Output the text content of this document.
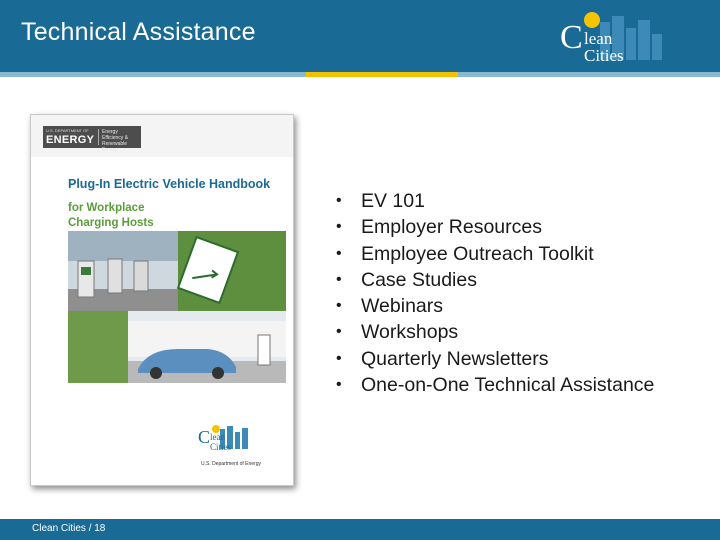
Technical Assistance	C lean
Cities
U.S. DEPARTMENT OF
ENERGY
Energy Efficiency & Renewable Energy
Plug-In Electric Vehicle Handbook
for Workplace
Charging Hosts
C lean
Cities
U.S. Department of Energy
• EV 101
• Employer Resources
• Employee Outreach Toolkit
• Case Studies
• Webinars
• Workshops
• Quarterly Newsletters
• One-on-One Technical Assistance
Clean Cities / 18
